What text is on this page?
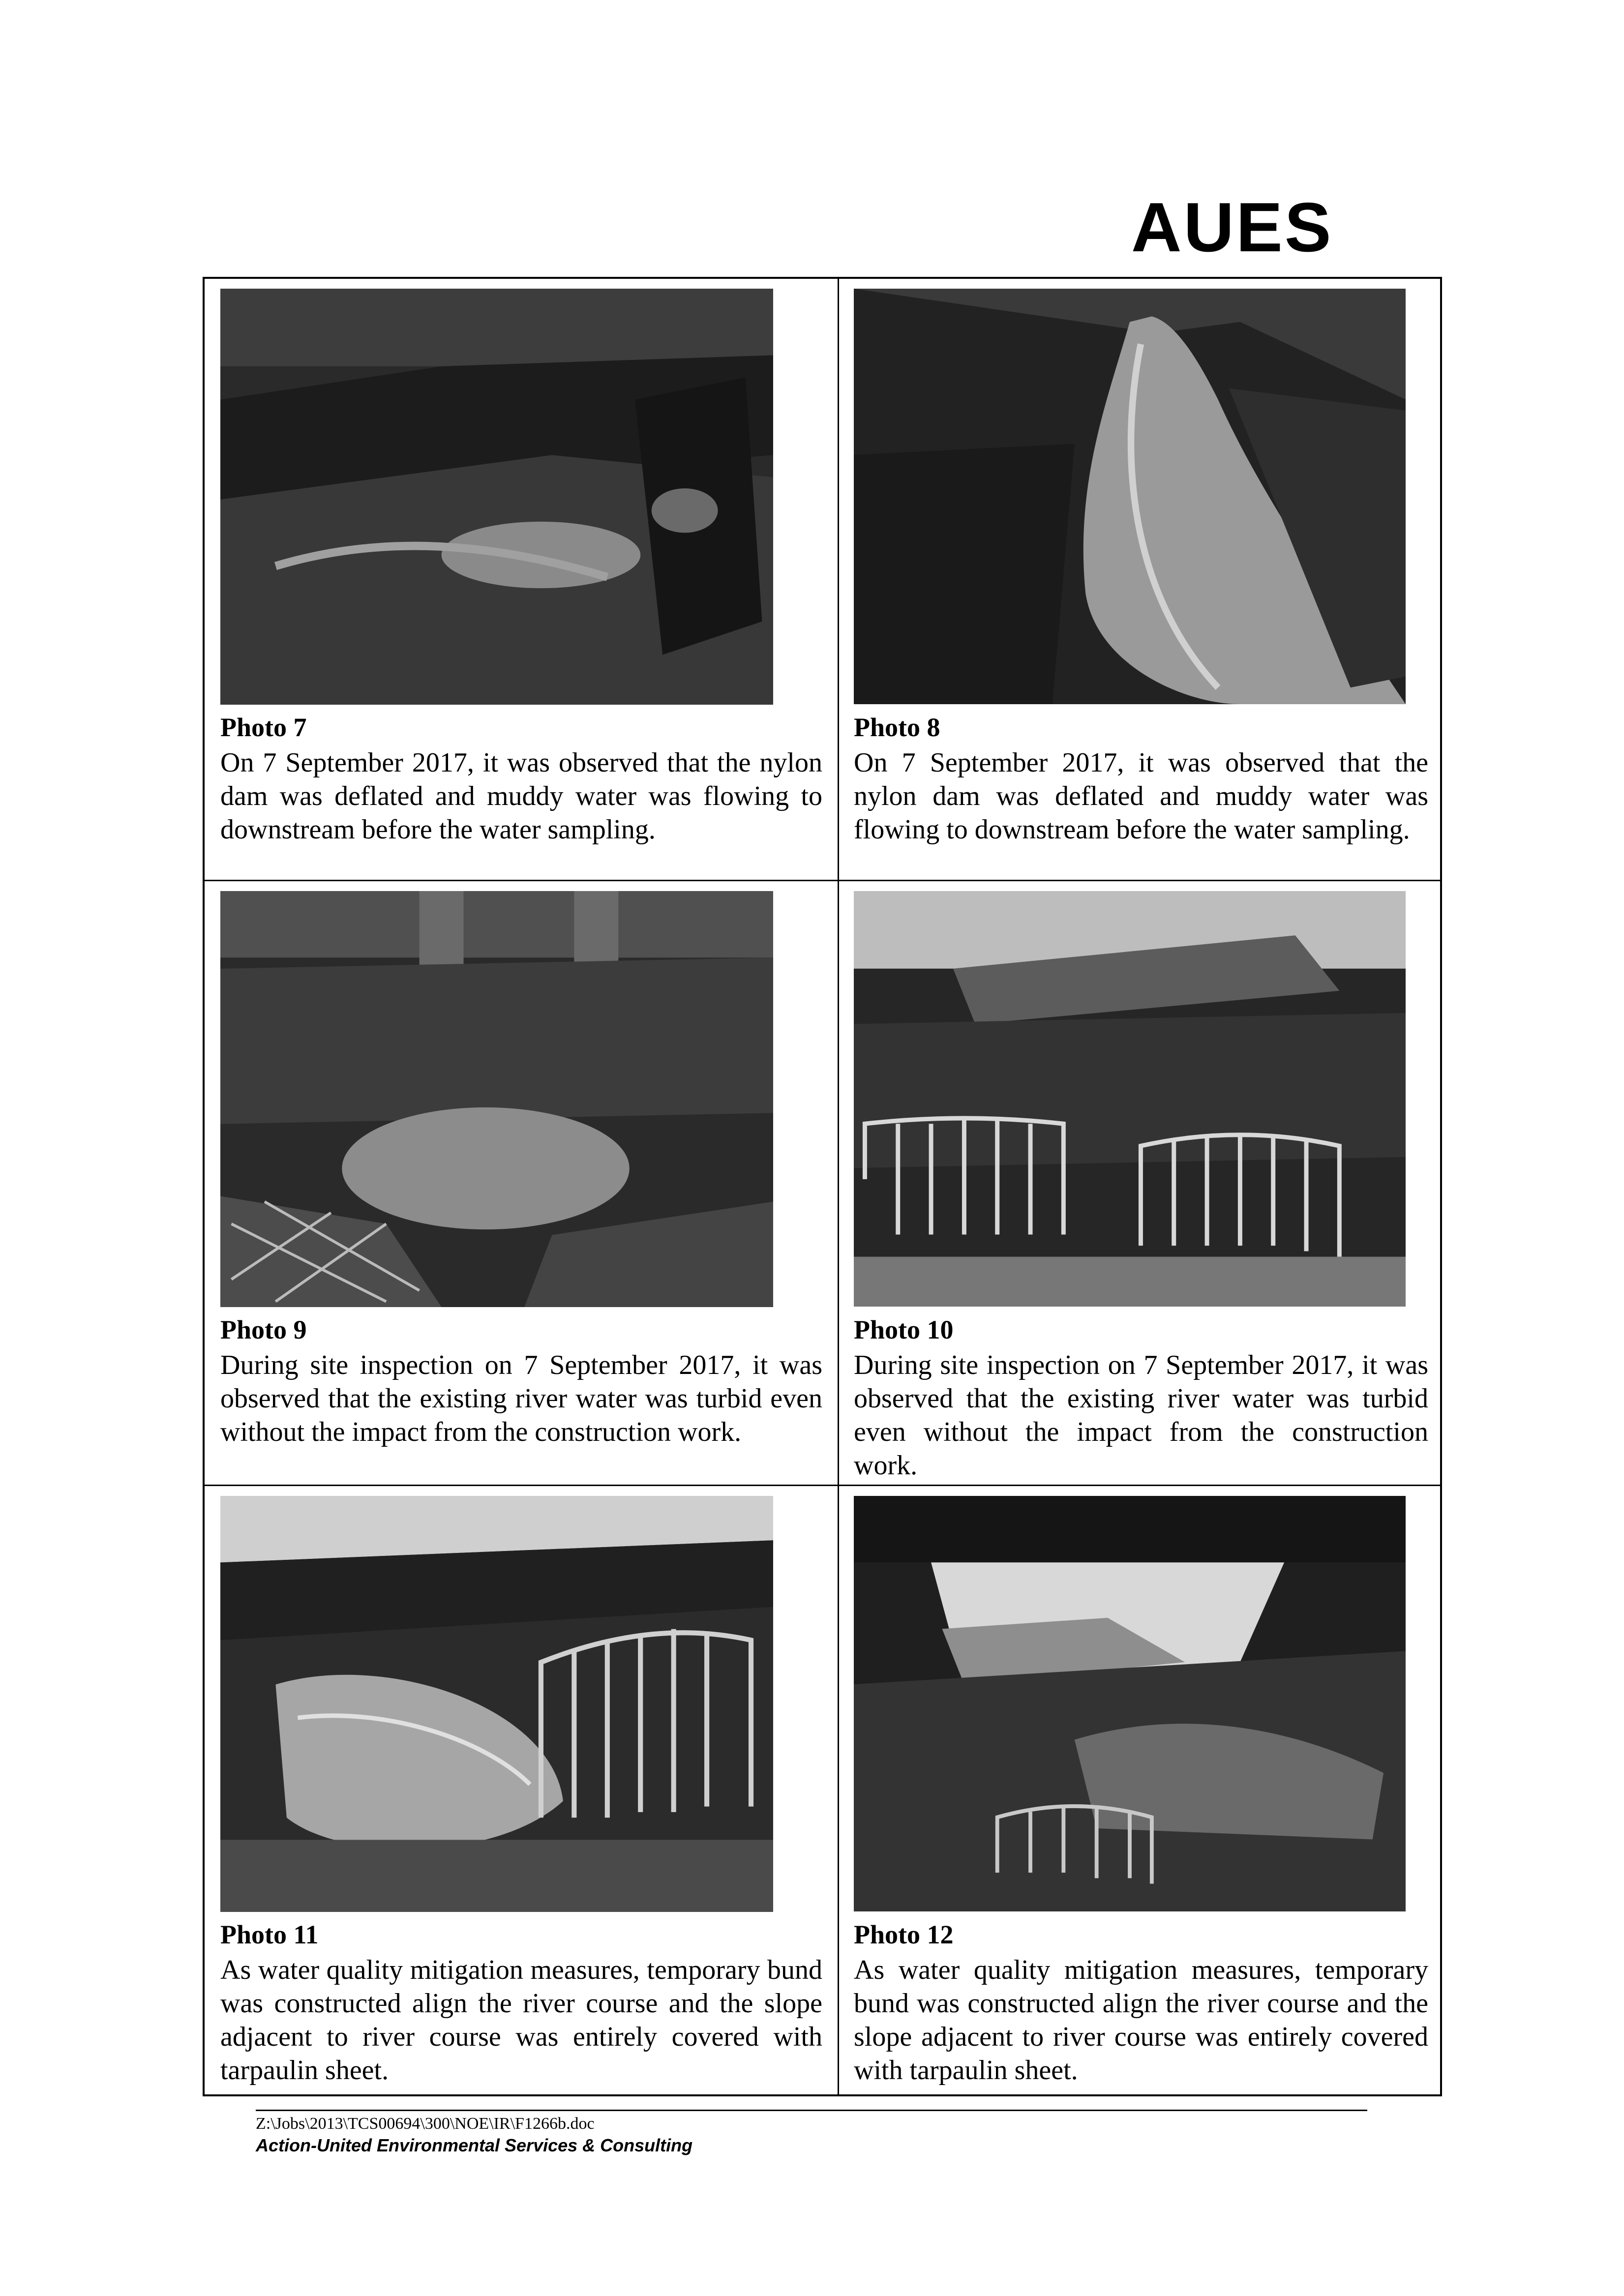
AUES
Photo 7
On 7 September 2017, it was observed that the nylon dam was deflated and muddy water was flowing to downstream before the water sampling.
Photo 8
On 7 September 2017, it was observed that the nylon dam was deflated and muddy water was flowing to downstream before the water sampling.
Photo 9
During site inspection on 7 September 2017, it was observed that the existing river water was turbid even without the impact from the construction work.
Photo 10
During site inspection on 7 September 2017, it was observed that the existing river water was turbid even without the impact from the construction work.
Photo 11
As water quality mitigation measures, temporary bund was constructed align the river course and the slope adjacent to river course was entirely covered with tarpaulin sheet.
Photo 12
As water quality mitigation measures, temporary bund was constructed align the river course and the slope adjacent to river course was entirely covered with tarpaulin sheet.
Z:\Jobs\2013\TCS00694\300\NOE\IR\F1266b.doc
Action-United Environmental Services & Consulting
